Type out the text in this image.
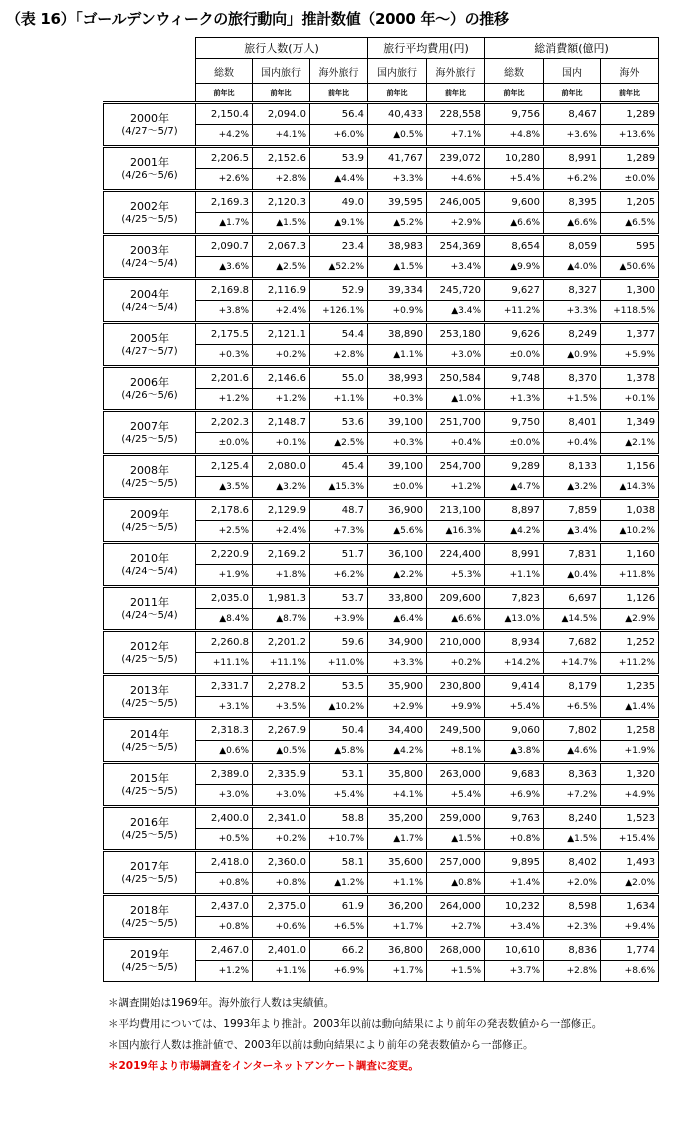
（表 16）「ゴールデンウィークの旅行動向」推計数値（2000 年～）の推移
	旅行人数(万人)			旅行平均費用(円)		総消費額(億円)		
	総数	国内旅行	海外旅行	国内旅行	海外旅行	総数	国内	海外
	前年比	前年比	前年比	前年比	前年比	前年比	前年比	前年比

2000年
(4/27～5/7)	2,150.4	2,094.0	56.4	40,433	228,558	9,756	8,467	1,289
	+4.2%	+4.1%	+6.0%	▲0.5%	+7.1%	+4.8%	+3.6%	+13.6%

2001年
(4/26～5/6)	2,206.5	2,152.6	53.9	41,767	239,072	10,280	8,991	1,289
	+2.6%	+2.8%	▲4.4%	+3.3%	+4.6%	+5.4%	+6.2%	±0.0%

2002年
(4/25～5/5)	2,169.3	2,120.3	49.0	39,595	246,005	9,600	8,395	1,205
	▲1.7%	▲1.5%	▲9.1%	▲5.2%	+2.9%	▲6.6%	▲6.6%	▲6.5%

2003年
(4/24～5/4)	2,090.7	2,067.3	23.4	38,983	254,369	8,654	8,059	595
	▲3.6%	▲2.5%	▲52.2%	▲1.5%	+3.4%	▲9.9%	▲4.0%	▲50.6%

2004年
(4/24～5/4)	2,169.8	2,116.9	52.9	39,334	245,720	9,627	8,327	1,300
	+3.8%	+2.4%	+126.1%	+0.9%	▲3.4%	+11.2%	+3.3%	+118.5%

2005年
(4/27～5/7)	2,175.5	2,121.1	54.4	38,890	253,180	9,626	8,249	1,377
	+0.3%	+0.2%	+2.8%	▲1.1%	+3.0%	±0.0%	▲0.9%	+5.9%

2006年
(4/26～5/6)	2,201.6	2,146.6	55.0	38,993	250,584	9,748	8,370	1,378
	+1.2%	+1.2%	+1.1%	+0.3%	▲1.0%	+1.3%	+1.5%	+0.1%

2007年
(4/25～5/5)	2,202.3	2,148.7	53.6	39,100	251,700	9,750	8,401	1,349
	±0.0%	+0.1%	▲2.5%	+0.3%	+0.4%	±0.0%	+0.4%	▲2.1%

2008年
(4/25～5/5)	2,125.4	2,080.0	45.4	39,100	254,700	9,289	8,133	1,156
	▲3.5%	▲3.2%	▲15.3%	±0.0%	+1.2%	▲4.7%	▲3.2%	▲14.3%

2009年
(4/25～5/5)	2,178.6	2,129.9	48.7	36,900	213,100	8,897	7,859	1,038
	+2.5%	+2.4%	+7.3%	▲5.6%	▲16.3%	▲4.2%	▲3.4%	▲10.2%

2010年
(4/24～5/4)	2,220.9	2,169.2	51.7	36,100	224,400	8,991	7,831	1,160
	+1.9%	+1.8%	+6.2%	▲2.2%	+5.3%	+1.1%	▲0.4%	+11.8%

2011年
(4/24～5/4)	2,035.0	1,981.3	53.7	33,800	209,600	7,823	6,697	1,126
	▲8.4%	▲8.7%	+3.9%	▲6.4%	▲6.6%	▲13.0%	▲14.5%	▲2.9%

2012年
(4/25～5/5)	2,260.8	2,201.2	59.6	34,900	210,000	8,934	7,682	1,252
	+11.1%	+11.1%	+11.0%	+3.3%	+0.2%	+14.2%	+14.7%	+11.2%

2013年
(4/25～5/5)	2,331.7	2,278.2	53.5	35,900	230,800	9,414	8,179	1,235
	+3.1%	+3.5%	▲10.2%	+2.9%	+9.9%	+5.4%	+6.5%	▲1.4%

2014年
(4/25～5/5)	2,318.3	2,267.9	50.4	34,400	249,500	9,060	7,802	1,258
	▲0.6%	▲0.5%	▲5.8%	▲4.2%	+8.1%	▲3.8%	▲4.6%	+1.9%

2015年
(4/25～5/5)	2,389.0	2,335.9	53.1	35,800	263,000	9,683	8,363	1,320
	+3.0%	+3.0%	+5.4%	+4.1%	+5.4%	+6.9%	+7.2%	+4.9%

2016年
(4/25～5/5)	2,400.0	2,341.0	58.8	35,200	259,000	9,763	8,240	1,523
	+0.5%	+0.2%	+10.7%	▲1.7%	▲1.5%	+0.8%	▲1.5%	+15.4%

2017年
(4/25～5/5)	2,418.0	2,360.0	58.1	35,600	257,000	9,895	8,402	1,493
	+0.8%	+0.8%	▲1.2%	+1.1%	▲0.8%	+1.4%	+2.0%	▲2.0%

2018年
(4/25～5/5)	2,437.0	2,375.0	61.9	36,200	264,000	10,232	8,598	1,634
	+0.8%	+0.6%	+6.5%	+1.7%	+2.7%	+3.4%	+2.3%	+9.4%

2019年
(4/25～5/5)	2,467.0	2,401.0	66.2	36,800	268,000	10,610	8,836	1,774
	+1.2%	+1.1%	+6.9%	+1.7%	+1.5%	+3.7%	+2.8%	+8.6%
＊調査開始は1969年。海外旅行人数は実績値。
＊平均費用については、1993年より推計。2003年以前は動向結果により前年の発表数値から一部修正。
＊国内旅行人数は推計値で、2003年以前は動向結果により前年の発表数値から一部修正。
＊2019年より市場調査をインターネットアンケート調査に変更。
